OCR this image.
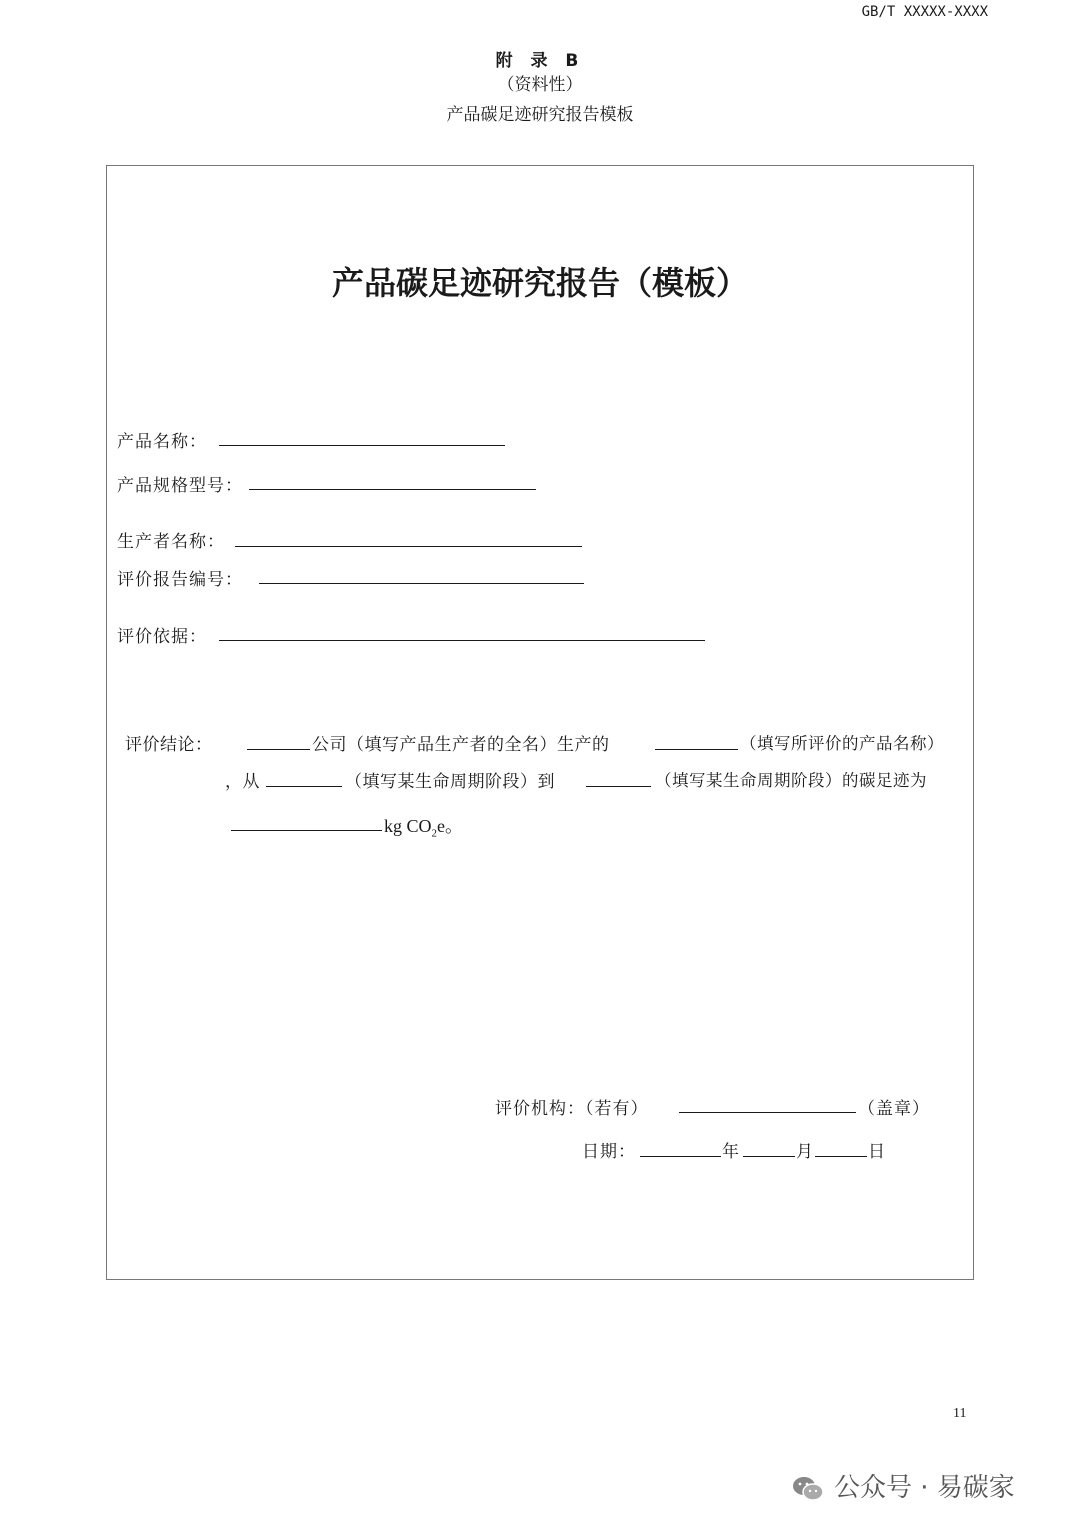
GB/T XXXXX-XXXX
附 录 B
（资料性）
产品碳足迹研究报告模板
产品碳足迹研究报告（模板）
产品名称：
产品规格型号：
生产者名称：
评价报告编号：
评价依据：
评价结论：	公司（填写产品生产者的全名）生产的	（填写所评价的产品名称）
，从	（填写某生命周期阶段）到	（填写某生命周期阶段）的碳足迹为
kg $CO_2e$。
评价机构：（若有）	（盖章）
日期：	年	月	日
11
公众号 · 易碳家
